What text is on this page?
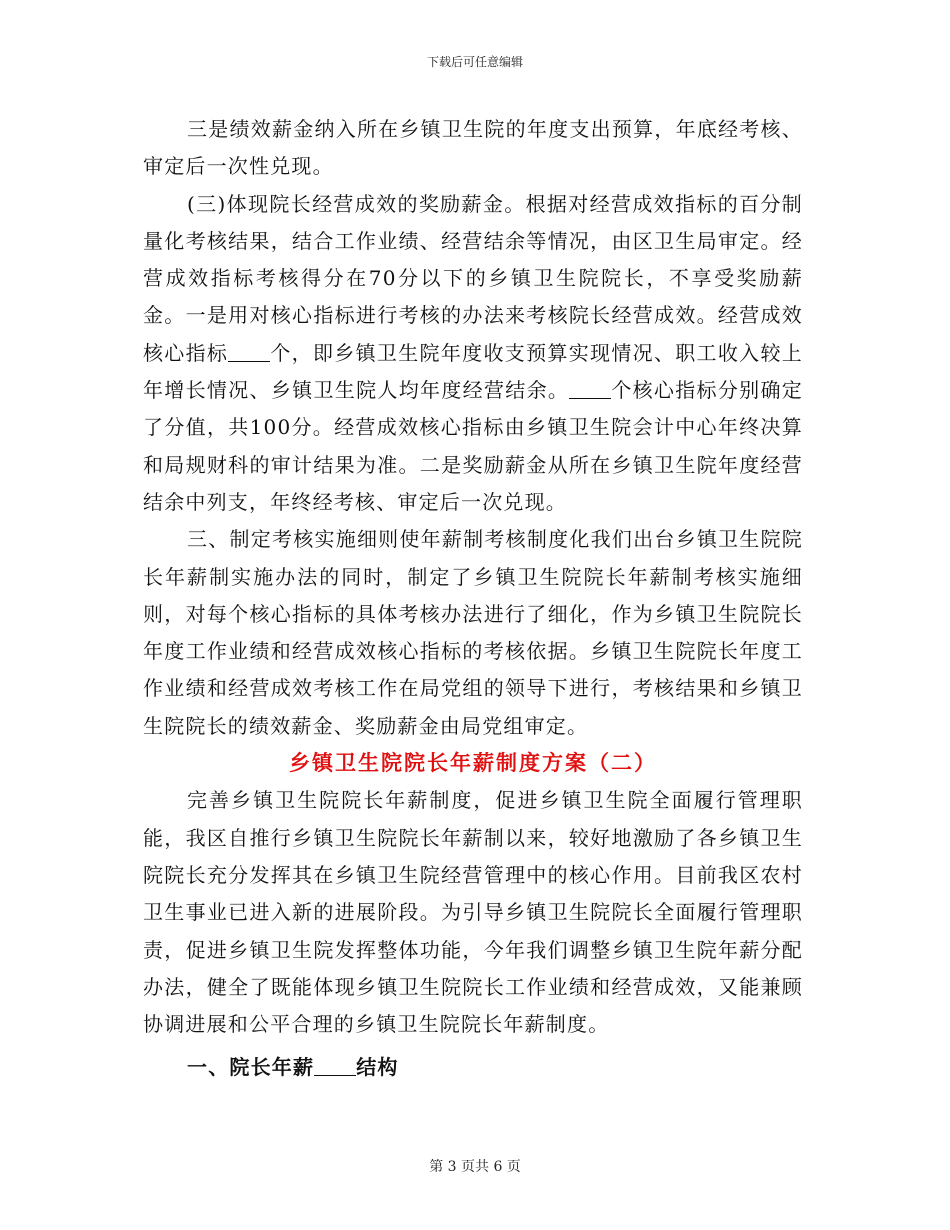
下载后可任意编辑

三是绩效薪金纳入所在乡镇卫生院的年度支出预算，年底经考核、审定后一次性兑现。

(三)体现院长经营成效的奖励薪金。根据对经营成效指标的百分制量化考核结果，结合工作业绩、经营结余等情况，由区卫生局审定。经营成效指标考核得分在70分以下的乡镇卫生院院长，不享受奖励薪金。一是用对核心指标进行考核的办法来考核院长经营成效。经营成效核心指标 个，即乡镇卫生院年度收支预算实现情况、职工收入较上年增长情况、乡镇卫生院人均年度经营结余。 个核心指标分别确定了分值，共100分。经营成效核心指标由乡镇卫生院会计中心年终决算和局规财科的审计结果为准。二是奖励薪金从所在乡镇卫生院年度经营结余中列支，年终经考核、审定后一次兑现。

三、制定考核实施细则使年薪制考核制度化我们出台乡镇卫生院院长年薪制实施办法的同时，制定了乡镇卫生院院长年薪制考核实施细则，对每个核心指标的具体考核办法进行了细化，作为乡镇卫生院院长年度工作业绩和经营成效核心指标的考核依据。乡镇卫生院院长年度工作业绩和经营成效考核工作在局党组的领导下进行，考核结果和乡镇卫生院院长的绩效薪金、奖励薪金由局党组审定。

乡镇卫生院院长年薪制度方案（二）

完善乡镇卫生院院长年薪制度，促进乡镇卫生院全面履行管理职能，我区自推行乡镇卫生院院长年薪制以来，较好地激励了各乡镇卫生院院长充分发挥其在乡镇卫生院经营管理中的核心作用。目前我区农村卫生事业已进入新的进展阶段。为引导乡镇卫生院院长全面履行管理职责，促进乡镇卫生院发挥整体功能，今年我们调整乡镇卫生院年薪分配办法，健全了既能体现乡镇卫生院院长工作业绩和经营成效，又能兼顾协调进展和公平合理的乡镇卫生院院长年薪制度。

一、院长年薪 结构

第 3 页共 6 页
